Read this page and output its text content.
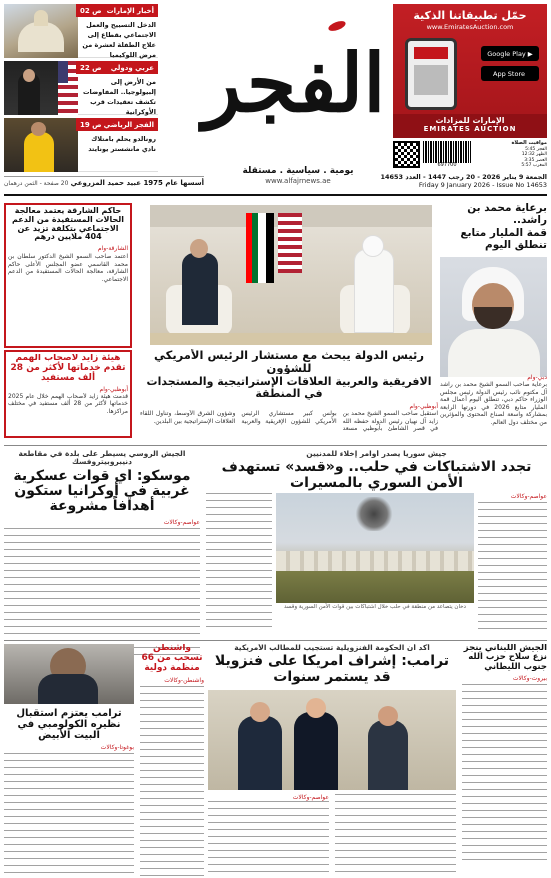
أخبار الإمارات
ص 02
الدخل التسييح والعمل الاجتماعي بقطاع إلى
علاج الطفلة لعشرة من مرض اللوكيميا
عربي ودولي
ص 22
من الأرض إلى إلبيولوجيا.. المفاوضات
تكشف تعقيدات قرب الأوكرانية
الفجر الرياضي
ص 19
رونالدو يحلم بامتلاك
نادي مانشستر يونايتد
الفجر
يومية . سياسية . مستقلة
www.alfajrnews.ae
أسسها عام 1975 عبيد حميد المزروعي
20 صفحة - الثمن درهمان
حمّل تطبيقاتنا الذكية
www.EmiratesAuction.com
▶
Google Play
App Store
الإمارات للمزادات
EMIRATES AUCTION
697700
مواقيت الصلاة
الفجر 5:45
الظهر 12:32
العصر 3:35
المغرب 5:57
الجمعة 9 يناير 2026 - 20 رجب 1447 - العدد 14653
Friday 9 January 2026 - Issue No 14653
حاكم الشارقة يعتمد معالجة الحالات المستفيدة من الدعم الاجتماعي بتكلفة تزيد عن 404 ملايين درهم
الشارقة-وام
اعتمد صاحب السمو الشيخ الدكتور سلطان بن محمد القاسمي عضو المجلس الأعلى حاكم الشارقة، معالجة الحالات المستفيدة من الدعم الاجتماعي.
هيئة زايد لأصحاب الهمم تقدم خدماتها لأكثر من 28 ألف مستفيد
أبوظبي-وام
قدمت هيئة زايد لأصحاب الهمم خلال عام 2025 خدماتها لأكثر من 28 ألف مستفيد في مختلف مراكزها.
برعاية محمد بن راشد..
قمة المليار متابع تنطلق اليوم
دبي-وام
برعاية صاحب السمو الشيخ محمد بن راشد آل مكتوم نائب رئيس الدولة رئيس مجلس الوزراء حاكم دبي، تنطلق اليوم أعمال قمة المليار متابع 2026 في دورتها الرابعة بمشاركة واسعة لصناع المحتوى والمؤثرين من مختلف دول العالم.
رئيس الدولة يبحث مع مستشار الرئيس الأمريكي للشؤون
الافريقية والعربية العلاقات الإستراتيجية والمستجدات في المنطقة
أبوظبي-وام
استقبل صاحب السمو الشيخ محمد بن زايد آل نهيان رئيس الدولة حفظه الله في قصر الشاطئ بأبوظبي مسعد بولس كبير مستشاري الرئيس الأمريكي للشؤون الإفريقية والعربية وشؤون الشرق الأوسط، وتناول اللقاء العلاقات الإستراتيجية بين البلدين.
الجيش الروسي يسيطر على بلدة في مقاطعة دنيبروبيتروفسك
موسكو: أي قوات عسكرية غربية في أوكرانيا ستكون أهدافاً مشروعة
عواصم-وكالات
جيش سوريا يصدر أوامر إخلاء للمدنيين
تجدد الاشتباكات في حلب.. و«قسد» تستهدف الأمن السوري بالمسيرات
دخان يتصاعد من منطقة في حلب خلال اشتباكات بين قوات الأمن السورية وقسد
عواصم-وكالات
ترامب يعتزم استقبال نظيره الكولومبي في البيت الأبيض
بوغوتا-وكالات
واشنطن تسحب من 66 منظمة دولية
واشنطن-وكالات
أكد أن الحكومة الفنزويلية تستجيب للمطالب الأمريكية
ترامب: إشراف أمريكا على فنزويلا قد يستمر سنوات
عواصم-وكالات
الجيش اللبناني ينجز نزع سلاح حزب الله جنوب الليطاني
بيروت-وكالات
